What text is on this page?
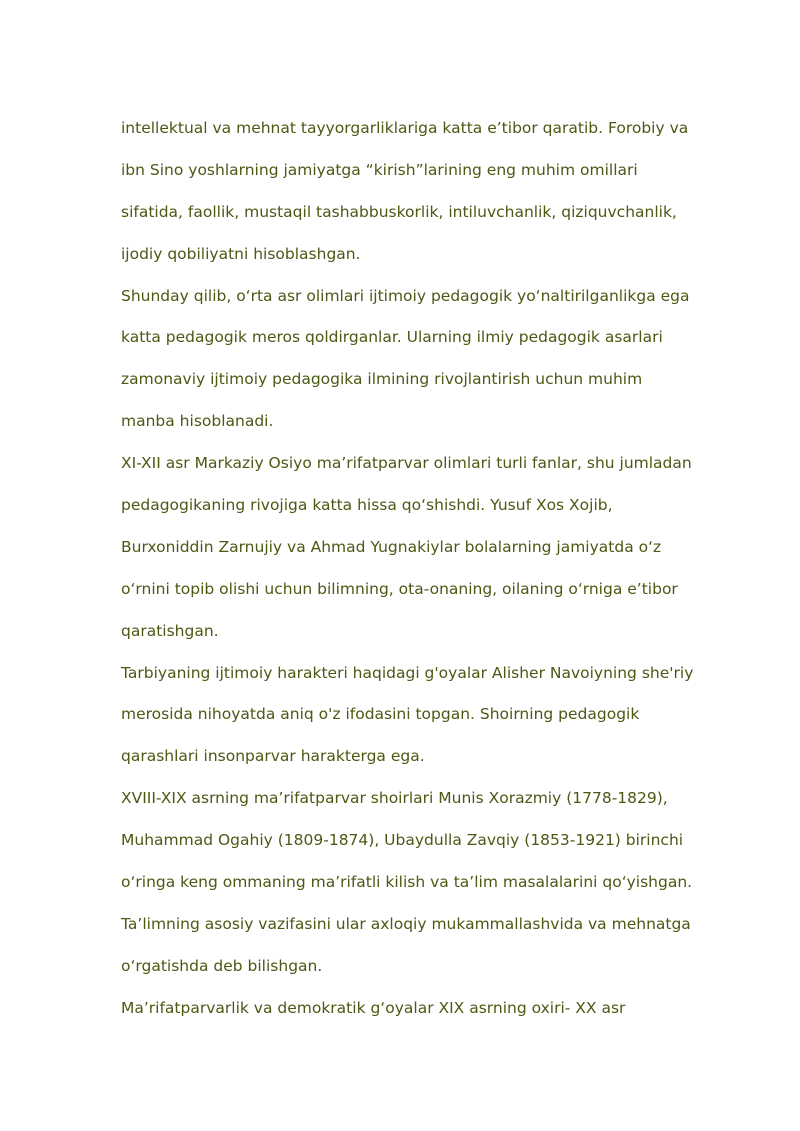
intellektual va mehnat tayyorgarliklariga katta e’tibor qaratib. Forobiy va
ibn Sino yoshlarning jamiyatga “kirish”larining eng muhim omillari
sifatida, faollik, mustaqil tashabbuskorlik, intiluvchanlik, qiziquvchanlik,
ijodiy qobiliyatni hisoblashgan.
Shunday qilib, o‘rta asr olimlari ijtimoiy pedagogik yo‘naltirilganlikga ega
katta pedagogik meros qoldirganlar. Ularning ilmiy pedagogik asarlari
zamonaviy ijtimoiy pedagogika ilmining rivojlantirish uchun muhim
manba hisoblanadi.
XI-XII asr Markaziy Osiyo ma’rifatparvar olimlari turli fanlar, shu jumladan
pedagogikaning rivojiga katta hissa qo‘shishdi. Yusuf Xos Xojib,
Burxoniddin Zarnujiy va Ahmad Yugnakiylar bolalarning jamiyatda o‘z
o‘rnini topib olishi uchun bilimning, ota-onaning, oilaning o‘rniga e’tibor
qaratishgan.
Tarbiyaning ijtimoiy harakteri haqidagi g'oyalar Alisher Navoiyning she'riy
merosida nihoyatda aniq o'z ifodasini topgan. Shoirning pedagogik
qarashlari insonparvar harakterga ega.
XVIII-XIX asrning ma’rifatparvar shoirlari Munis Xorazmiy (1778-1829),
Muhammad Ogahiy (1809-1874), Ubaydulla Zavqiy (1853-1921) birinchi
o‘ringa keng ommaning ma’rifatli kilish va ta’lim masalalarini qo‘yishgan.
Ta’limning asosiy vazifasini ular axloqiy mukammallashvida va mehnatga
o‘rgatishda deb bilishgan.
Ma’rifatparvarlik va demokratik g‘oyalar XIX asrning oxiri- XX asr
